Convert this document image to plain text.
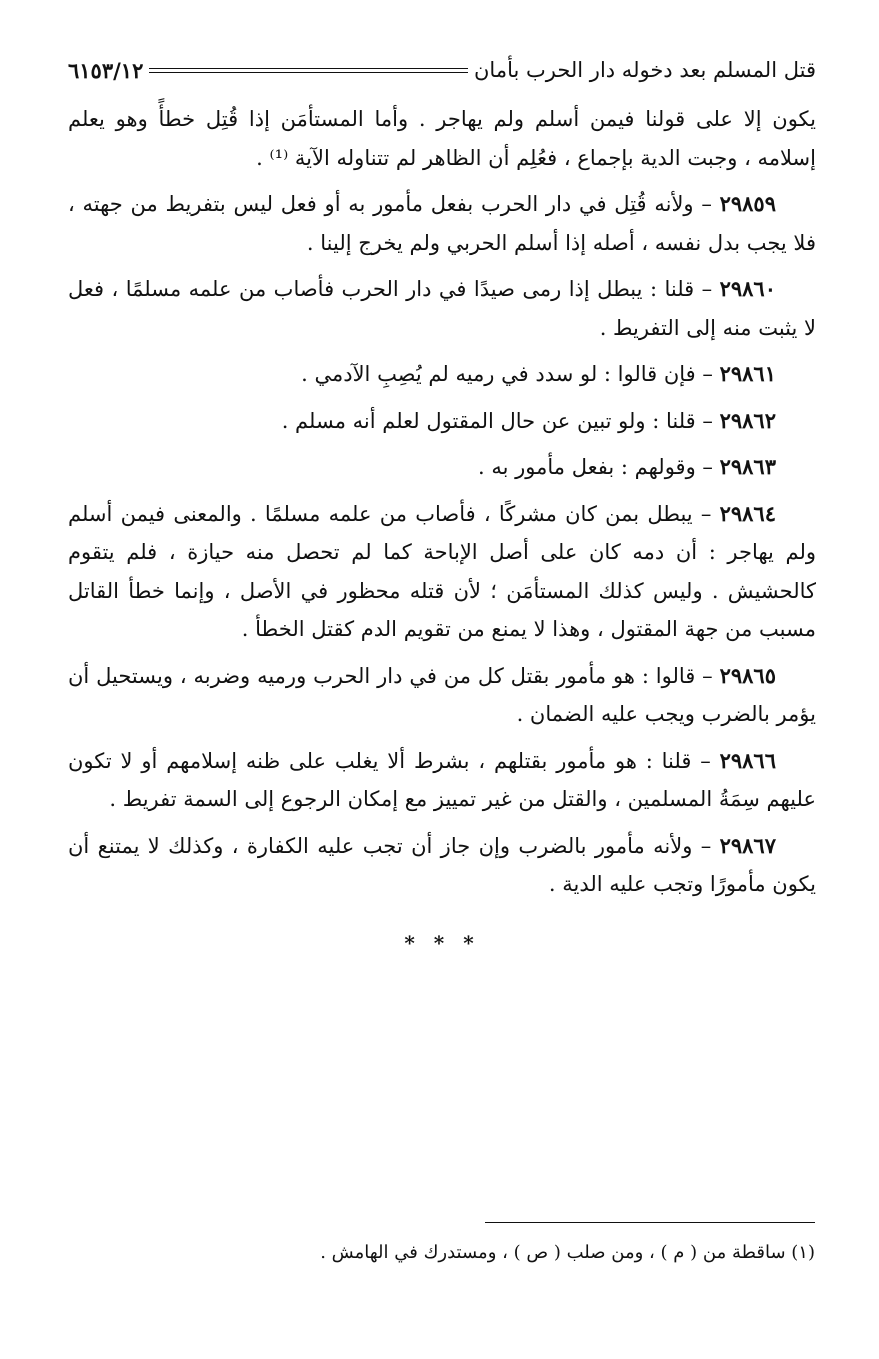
قتل المسلم بعد دخوله دار الحرب بأمان
٦١٥٣/١٢

يكون إلا على قولنا فيمن أسلم ولم يهاجر . وأما المستأمَن إذا قُتِل خطأً وهو يعلم إسلامه ، وجبت الدية بإجماع ، فعُلِم أن الظاهر لم تتناوله الآية ⁽¹⁾ .

٢٩٨٥٩ – ولأنه قُتِل في دار الحرب بفعل مأمور به أو فعل ليس بتفريط من جهته ، فلا يجب بدل نفسه ، أصله إذا أسلم الحربي ولم يخرج إلينا .

٢٩٨٦٠ – قلنا : يبطل إذا رمى صيدًا في دار الحرب فأصاب من علمه مسلمًا ، فعل لا يثبت منه إلى التفريط .

٢٩٨٦١ – فإن قالوا : لو سدد في رميه لم يُصِبِ الآدمي .

٢٩٨٦٢ – قلنا : ولو تبين عن حال المقتول لعلم أنه مسلم .

٢٩٨٦٣ – وقولهم : بفعل مأمور به .

٢٩٨٦٤ – يبطل بمن كان مشركًا ، فأصاب من علمه مسلمًا . والمعنى فيمن أسلم ولم يهاجر : أن دمه كان على أصل الإباحة كما لم تحصل منه حيازة ، فلم يتقوم كالحشيش . وليس كذلك المستأمَن ؛ لأن قتله محظور في الأصل ، وإنما خطأ القاتل مسبب من جهة المقتول ، وهذا لا يمنع من تقويم الدم كقتل الخطأ .

٢٩٨٦٥ – قالوا : هو مأمور بقتل كل من في دار الحرب ورميه وضربه ، ويستحيل أن يؤمر بالضرب ويجب عليه الضمان .

٢٩٨٦٦ – قلنا : هو مأمور بقتلهم ، بشرط ألا يغلب على ظنه إسلامهم أو لا تكون عليهم سِمَةُ المسلمين ، والقتل من غير تمييز مع إمكان الرجوع إلى السمة تفريط .

٢٩٨٦٧ – ولأنه مأمور بالضرب وإن جاز أن تجب عليه الكفارة ، وكذلك لا يمتنع أن يكون مأمورًا وتجب عليه الدية .

* * *
(١) ساقطة من ( م ) ، ومن صلب ( ص ) ، ومستدرك في الهامش .
